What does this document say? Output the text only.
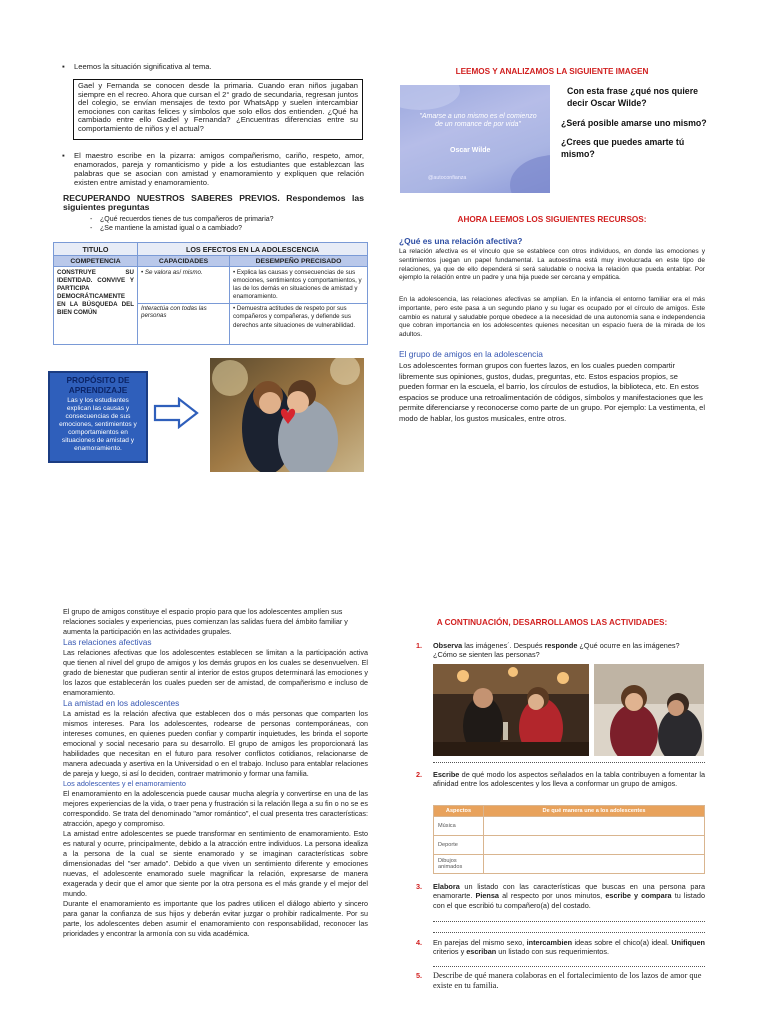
▪ Leemos la situación significativa al tema.
Gael y Fernanda se conocen desde la primaria. Cuando eran niños jugaban siempre en el recreo. Ahora que cursan el 2° grado de secundaria, regresan juntos del colegio, se envían mensajes de texto por WhatsApp y suelen intercambiar emociones con caritas felices y símbolos que solo ellos dos entienden. ¿Qué ha cambiado entre ello Gadiel y Fernanda? ¿Encuentras diferencias entre su comportamiento de niños y el actual?
▪	El maestro escribe en la pizarra: amigos compañerismo, cariño, respeto, amor, enamorados, pareja y romanticismo y pide a los estudiantes que establezcan las palabras que se asocian con amistad y enamoramiento y expliquen que relación existen entre amistad y enamoramiento.
RECUPERANDO NUESTROS SABERES PREVIOS. Respondemos las siguientes preguntas
- ¿Qué recuerdos tienes de tus compañeros de primaria?
- ¿Se mantiene la amistad igual o a cambiado?
TITULO	LOS EFECTOS EN LA ADOLESCENCIA	
COMPETENCIA	CAPACIDADES	DESEMPEÑO PRECISADO
CONSTRUYE SU IDENTIDAD. CONVIVE Y PARTICIPA DEMOCRÁTICAMENTE EN LA BÚSQUEDA DEL BIEN COMÚN	• Se valora así mismo.	• Explica las causas y consecuencias de sus emociones, sentimientos y comportamientos, y las de los demás en situaciones de amistad y enamoramiento.
	Interactúa con todas las personas	• Demuestra actitudes de respeto por sus compañeros y compañeras, y defiende sus derechos ante situaciones de vulnerabilidad.
PROPÓSITO DE APRENDIZAJE
Las y los estudiantes explican las causas y consecuencias de sus emociones, sentimientos y comportamientos en situaciones de amistad y enamoramiento.
LEEMOS Y ANALIZAMOS LA SIGUIENTE IMAGEN
"Amarse a uno mismo es el comienzo de un romance de por vida"
Oscar Wilde
@autoconfianza
Con esta frase ¿qué nos quiere decir Oscar Wilde?
¿Será posible amarse uno mismo?
¿Crees que puedes amarte tú mismo?
AHORA LEEMOS LOS SIGUIENTES RECURSOS:
¿Qué es una relación afectiva?

La relación afectiva es el vínculo que se establece con otros individuos, en donde las emociones y sentimientos juegan un papel fundamental. La autoestima está muy involucrada en este tipo de relaciones, ya que de ello dependerá si será saludable o nociva la relación que pueda entablar. Por ejemplo la relación entre un padre y una hija puede ser cercana y empática.

En la adolescencia, las relaciones afectivas se amplían. En la infancia el entorno familiar era el más importante, pero este pasa a un segundo plano y su lugar es ocupado por el círculo de amigos. Este cambio es natural y saludable porque obedece a la necesidad de una autonomía sana e independencia que cobran importancia en los adolescentes quienes necesitan un espacio fuera de la mirada de los adultos.

El grupo de amigos en la adolescencia

Los adolescentes forman grupos con fuertes lazos, en los cuales pueden compartir libremente sus opiniones, gustos, dudas, preguntas, etc. Estos espacios propios, se pueden formar en la escuela, el barrio, los círculos de estudios, la biblioteca, etc. En estos espacios se produce una retroalimentación de códigos, símbolos y manifestaciones que les permite diferenciarse y reconocerse como parte de un grupo. Por ejemplo: La vestimenta, el modo de hablar, los gustos musicales, entre otros.

El grupo de amigos constituye el espacio propio para que los adolescentes amplíen sus relaciones sociales y experiencias, pues comienzan las salidas fuera del ámbito familiar y aumenta la participación en las actividades grupales.

Las relaciones afectivas

Las relaciones afectivas que los adolescentes establecen se limitan a la participación activa que tienen al nivel del grupo de amigos y los demás grupos en los cuales se desenvuelven. El grado de bienestar que pudieran sentir al interior de estos grupos determinará las emociones y los lazos que establecerán los cuales pueden ser de amistad, de compañerismo e incluso de enamoramiento.

La amistad en los adolescentes

La amistad es la relación afectiva que establecen dos o más personas que comparten los mismos intereses. Para los adolescentes, rodearse de personas contemporáneas, con intereses comunes, en quienes pueden confiar y compartir inquietudes, les brinda el soporte emocional y social necesario para su desarrollo. El grupo de amigos les proporcionará las habilidades que necesitan en el futuro para resolver conflictos cotidianos, relacionarse de manera adecuada y asertiva en la Universidad o en el trabajo. Incluso para entablar relaciones de pareja y luego, si así lo deciden, contraer matrimonio y formar una familia.

Los adolescentes y el enamoramiento

El enamoramiento en la adolescencia puede causar mucha alegría y convertirse en una de las mejores experiencias de la vida, o traer pena y frustración si la relación llega a su fin o no se es correspondido. Se trata del denominado "amor romántico", el cual presenta tres características: atracción, apego y compromiso.

La amistad entre adolescentes se puede transformar en sentimiento de enamoramiento. Esto es natural y ocurre, principalmente, debido a la atracción entre individuos. La persona idealiza a la persona de la cual se siente enamorado y se imaginan características sobre dimensionadas del "ser amado". Debido a que viven un sentimiento diferente y emociones nuevas, el adolescente enamorado suele magnificar la relación, expresarse de manera exagerada y decir que el amor que siente por la otra persona es el más grande y el mejor del mundo.

Durante el enamoramiento es importante que los padres utilicen el diálogo abierto y sincero para ganar la confianza de sus hijos y deberán evitar juzgar o prohibir radicalmente. Por su parte, los adolescentes deben asumir el enamoramiento con responsabilidad, reconocer las prioridades y encontrar la armonía con su vida académica.

A CONTINUACIÓN, DESARROLLAMOS LAS ACTIVIDADES:
1.	Observa las imágenes´. Después responde ¿Qué ocurre en las imágenes? ¿Cómo se sienten las personas?
2.	Escribe de qué modo los aspectos señalados en la tabla contribuyen a fomentar la afinidad entre los adolescentes y los lleva a conformar un grupo de amigos.
Aspectos	De qué manera une a los adolescentes
Música	
Deporte	
Dibujos animados	
3.	Elabora un listado con las características que buscas en una persona para enamorarte. Piensa al respecto por unos minutos, escribe y compara tu listado con el que escribió tu compañero(a) del costado.
4.	En parejas del mismo sexo, intercambien ideas sobre el chico(a) ideal. Unifiquen criterios y escriban un listado con sus requerimientos.
5.	Describe de qué manera colaboras en el fortalecimiento de los lazos de amor que existe en tu familia.
